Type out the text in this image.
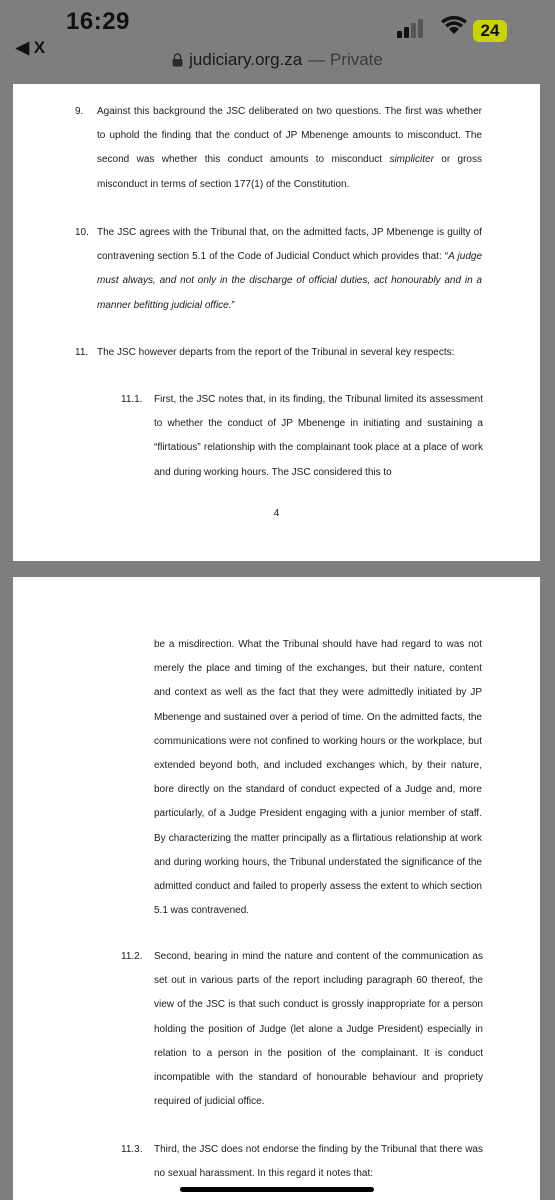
16:29	24
◀ X
judiciary.org.za — Private
9. Against this background the JSC deliberated on two questions. The first was whether to uphold the finding that the conduct of JP Mbenenge amounts to misconduct. The second was whether this conduct amounts to misconduct simpliciter or gross misconduct in terms of section 177(1) of the Constitution.
10. The JSC agrees with the Tribunal that, on the admitted facts, JP Mbenenge is guilty of contravening section 5.1 of the Code of Judicial Conduct which provides that: “A judge must always, and not only in the discharge of official duties, act honourably and in a manner befitting judicial office.”
11. The JSC however departs from the report of the Tribunal in several key respects:
11.1. First, the JSC notes that, in its finding, the Tribunal limited its assessment to whether the conduct of JP Mbenenge in initiating and sustaining a “flirtatious” relationship with the complainant took place at a place of work and during working hours. The JSC considered this to
4
be a misdirection. What the Tribunal should have had regard to was not merely the place and timing of the exchanges, but their nature, content and context as well as the fact that they were admittedly initiated by JP Mbenenge and sustained over a period of time. On the admitted facts, the communications were not confined to working hours or the workplace, but extended beyond both, and included exchanges which, by their nature, bore directly on the standard of conduct expected of a Judge and, more particularly, of a Judge President engaging with a junior member of staff. By characterizing the matter principally as a flirtatious relationship at work and during working hours, the Tribunal understated the significance of the admitted conduct and failed to properly assess the extent to which section 5.1 was contravened.
11.2. Second, bearing in mind the nature and content of the communication as set out in various parts of the report including paragraph 60 thereof, the view of the JSC is that such conduct is grossly inappropriate for a person holding the position of Judge (let alone a Judge President) especially in relation to a person in the position of the complainant. It is conduct incompatible with the standard of honourable behaviour and propriety required of judicial office.
11.3. Third, the JSC does not endorse the finding by the Tribunal that there was no sexual harassment. In this regard it notes that:
